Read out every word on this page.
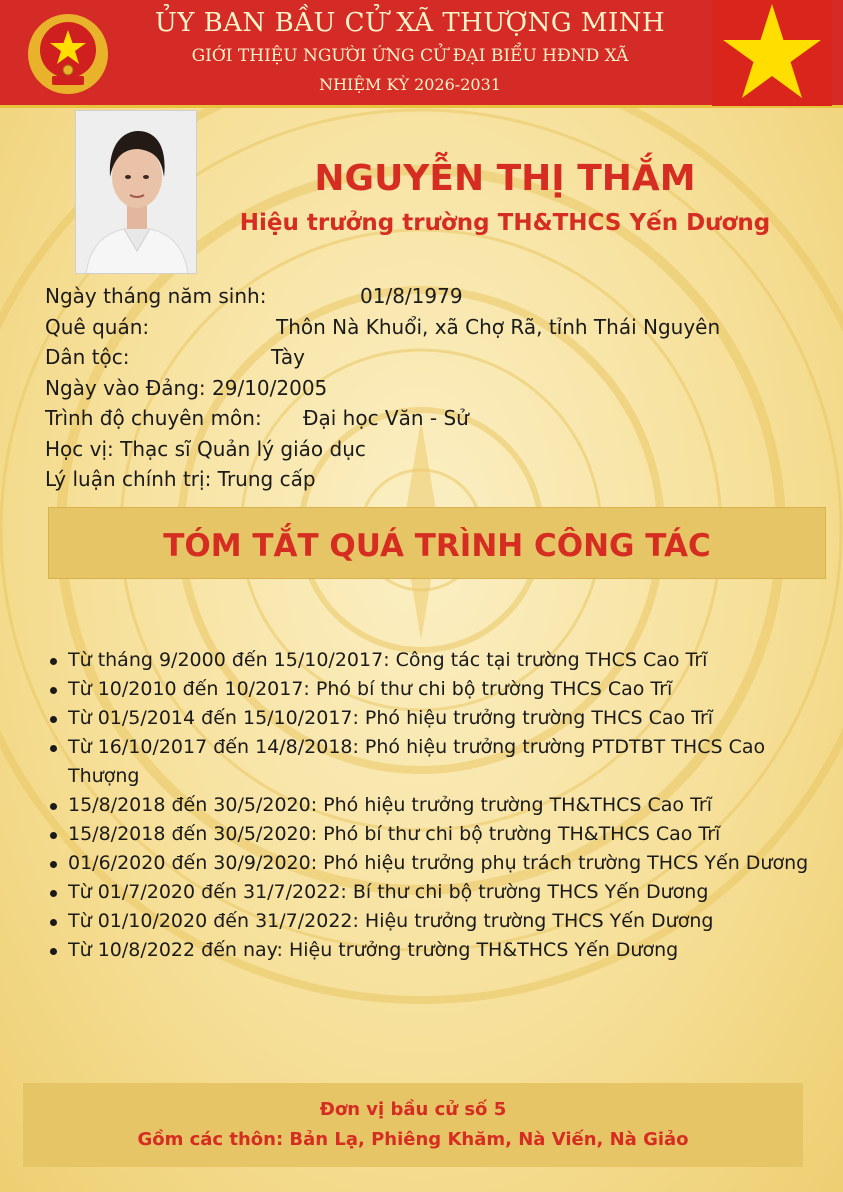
ỦY BAN BẦU CỬ XÃ THƯỢNG MINH
GIỚI THIỆU NGƯỜI ỨNG CỬ ĐẠI BIỂU HĐND XÃ
NHIỆM KỲ 2026-2031
NGUYỄN THỊ THẮM
Hiệu trưởng trường TH&THCS Yến Dương
Ngày tháng năm sinh:	01/8/1979
Quê quán:	Thôn Nà Khuổi, xã Chợ Rã, tỉnh Thái Nguyên
Dân tộc:	Tày
Ngày vào Đảng: 29/10/2005
Trình độ chuyên môn: Đại học Văn - Sử
Học vị: Thạc sĩ Quản lý giáo dục
Lý luận chính trị: Trung cấp
TÓM TẮT QUÁ TRÌNH CÔNG TÁC
Từ tháng 9/2000 đến 15/10/2017: Công tác tại trường THCS Cao Trĩ
Từ 10/2010 đến 10/2017: Phó bí thư chi bộ trường THCS Cao Trĩ
Từ 01/5/2014 đến 15/10/2017: Phó hiệu trưởng trường THCS Cao Trĩ
Từ 16/10/2017 đến 14/8/2018: Phó hiệu trưởng trường PTDTBT THCS Cao Thượng
15/8/2018 đến 30/5/2020: Phó hiệu trưởng trường TH&THCS Cao Trĩ
15/8/2018 đến 30/5/2020: Phó bí thư chi bộ trường TH&THCS Cao Trĩ
01/6/2020 đến 30/9/2020: Phó hiệu trưởng phụ trách trường THCS Yến Dương
Từ 01/7/2020 đến 31/7/2022: Bí thư chi bộ trường THCS Yến Dương
Từ 01/10/2020 đến 31/7/2022: Hiệu trưởng trường THCS Yến Dương
Từ 10/8/2022 đến nay: Hiệu trưởng trường TH&THCS Yến Dương
Đơn vị bầu cử số 5
Gồm các thôn: Bản Lạ, Phiêng Khăm, Nà Viến, Nà Giảo
